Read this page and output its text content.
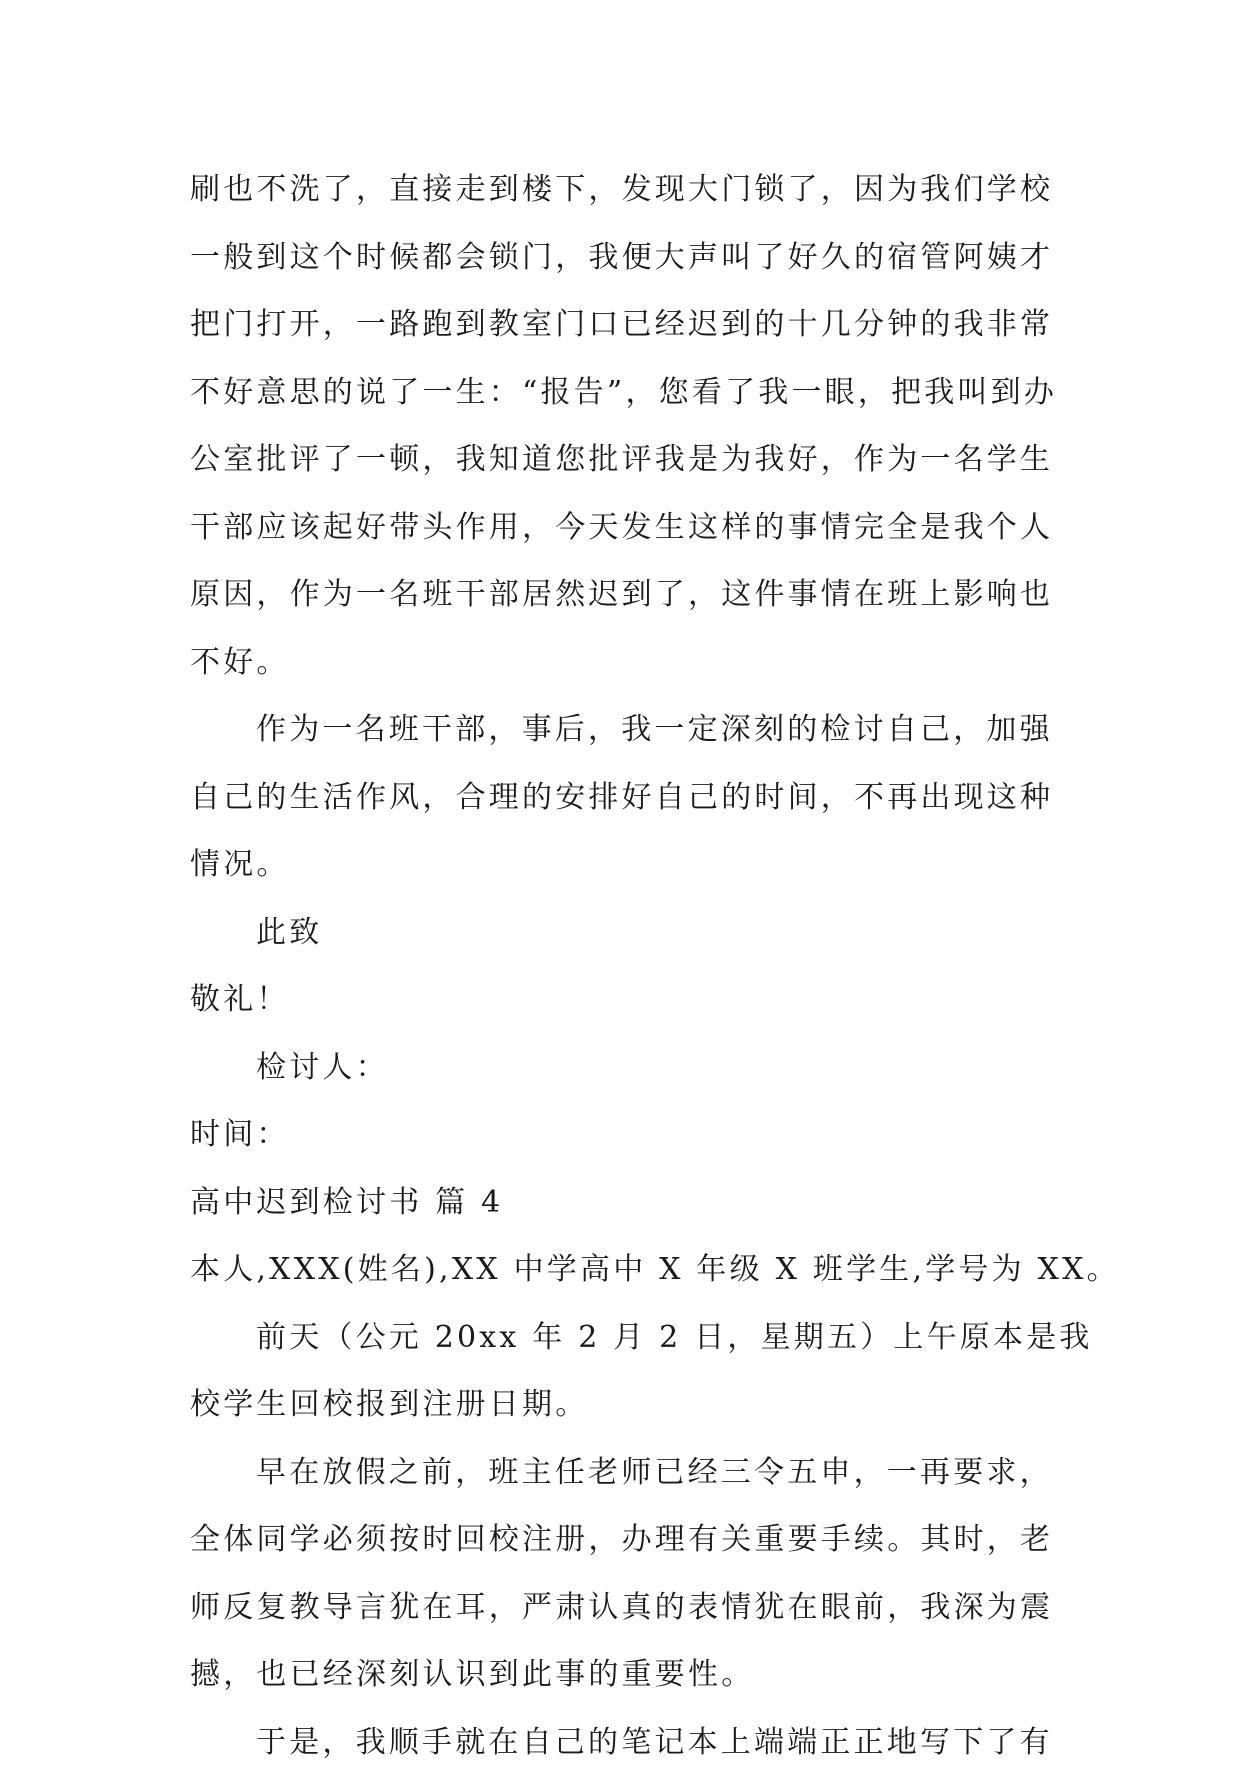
刷也不洗了，直接走到楼下，发现大门锁了，因为我们学校
一般到这个时候都会锁门，我便大声叫了好久的宿管阿姨才
把门打开，一路跑到教室门口已经迟到的十几分钟的我非常
不好意思的说了一生：“报告”，您看了我一眼，把我叫到办
公室批评了一顿，我知道您批评我是为我好，作为一名学生
干部应该起好带头作用，今天发生这样的事情完全是我个人
原因，作为一名班干部居然迟到了，这件事情在班上影响也
不好。
作为一名班干部，事后，我一定深刻的检讨自己，加强
自己的生活作风，合理的安排好自己的时间，不再出现这种
情况。
此致
敬礼！
检讨人：
时间：
高中迟到检讨书 篇 4
本人,XXX(姓名),XX 中学高中 X 年级 X 班学生,学号为 XX。
前天（公元 20xx 年 2 月 2 日，星期五）上午原本是我
校学生回校报到注册日期。
早在放假之前，班主任老师已经三令五申，一再要求，
全体同学必须按时回校注册，办理有关重要手续。其时，老
师反复教导言犹在耳，严肃认真的表情犹在眼前，我深为震
撼，也已经深刻认识到此事的重要性。
于是，我顺手就在自己的笔记本上端端正正地写下了有
